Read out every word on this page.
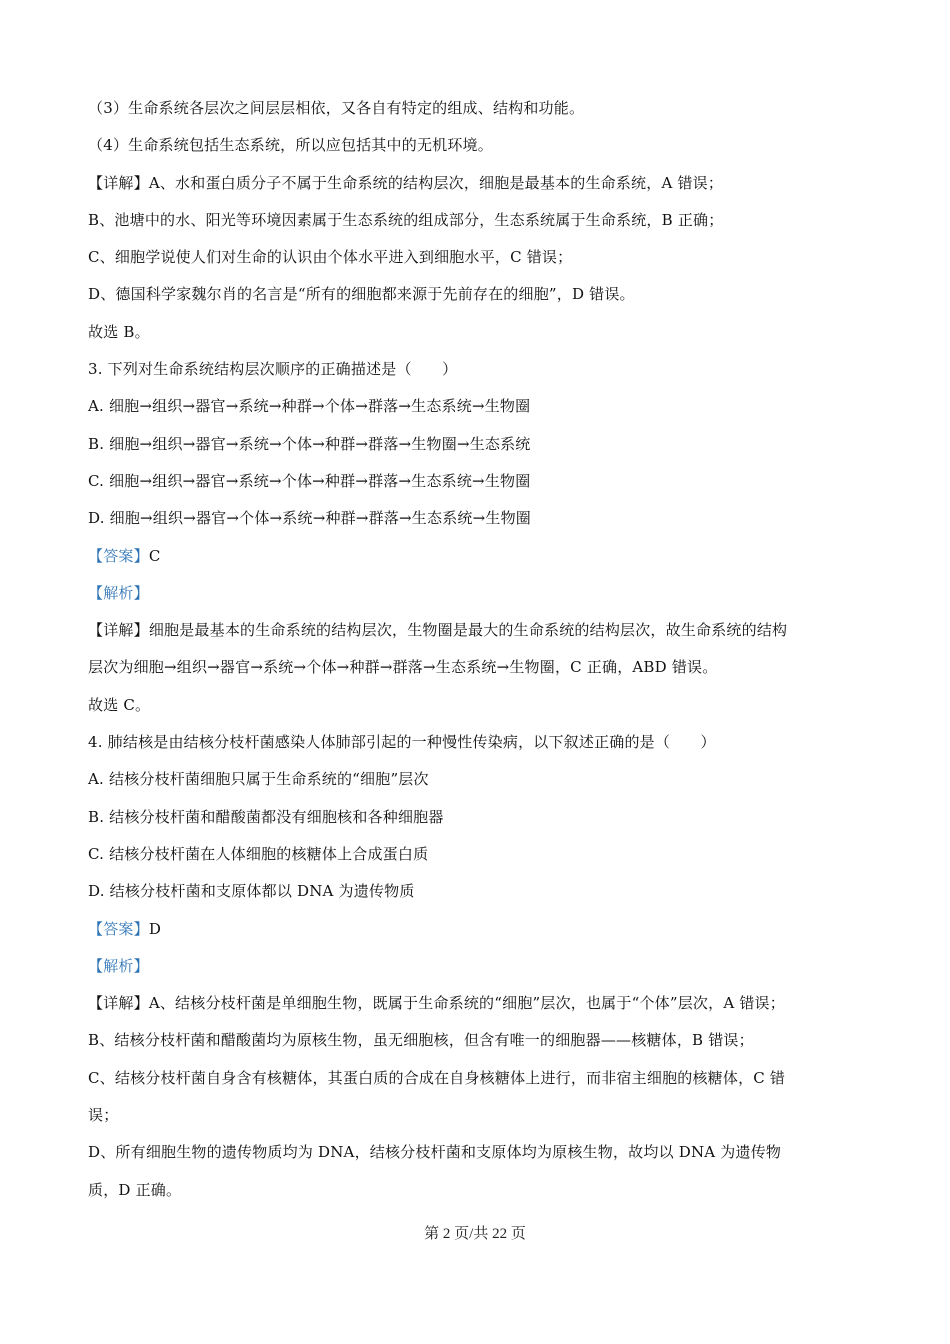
（3）生命系统各层次之间层层相依，又各自有特定的组成、结构和功能。
（4）生命系统包括生态系统，所以应包括其中的无机环境。
【详解】A、水和蛋白质分子不属于生命系统的结构层次，细胞是最基本的生命系统，A 错误；
B、池塘中的水、阳光等环境因素属于生态系统的组成部分，生态系统属于生命系统，B 正确；
C、细胞学说使人们对生命的认识由个体水平进入到细胞水平，C 错误；
D、德国科学家魏尔肖的名言是“所有的细胞都来源于先前存在的细胞”，D 错误。
故选 B。
3. 下列对生命系统结构层次顺序的正确描述是（　　）
A. 细胞→组织→器官→系统→种群→个体→群落→生态系统→生物圈
B. 细胞→组织→器官→系统→个体→种群→群落→生物圈→生态系统
C. 细胞→组织→器官→系统→个体→种群→群落→生态系统→生物圈
D. 细胞→组织→器官→个体→系统→种群→群落→生态系统→生物圈
【答案】C
【解析】
【详解】细胞是最基本的生命系统的结构层次，生物圈是最大的生命系统的结构层次，故生命系统的结构
层次为细胞→组织→器官→系统→个体→种群→群落→生态系统→生物圈，C 正确，ABD 错误。
故选 C。
4. 肺结核是由结核分枝杆菌感染人体肺部引起的一种慢性传染病，以下叙述正确的是（　　）
A. 结核分枝杆菌细胞只属于生命系统的“细胞”层次
B. 结核分枝杆菌和醋酸菌都没有细胞核和各种细胞器
C. 结核分枝杆菌在人体细胞的核糖体上合成蛋白质
D. 结核分枝杆菌和支原体都以 DNA 为遗传物质
【答案】D
【解析】
【详解】A、结核分枝杆菌是单细胞生物，既属于生命系统的“细胞”层次，也属于“个体”层次，A 错误；
B、结核分枝杆菌和醋酸菌均为原核生物，虽无细胞核，但含有唯一的细胞器——核糖体，B 错误；
C、结核分枝杆菌自身含有核糖体，其蛋白质的合成在自身核糖体上进行，而非宿主细胞的核糖体，C 错
误；
D、所有细胞生物的遗传物质均为 DNA，结核分枝杆菌和支原体均为原核生物，故均以 DNA 为遗传物
质，D 正确。
第 2 页/共 22 页
